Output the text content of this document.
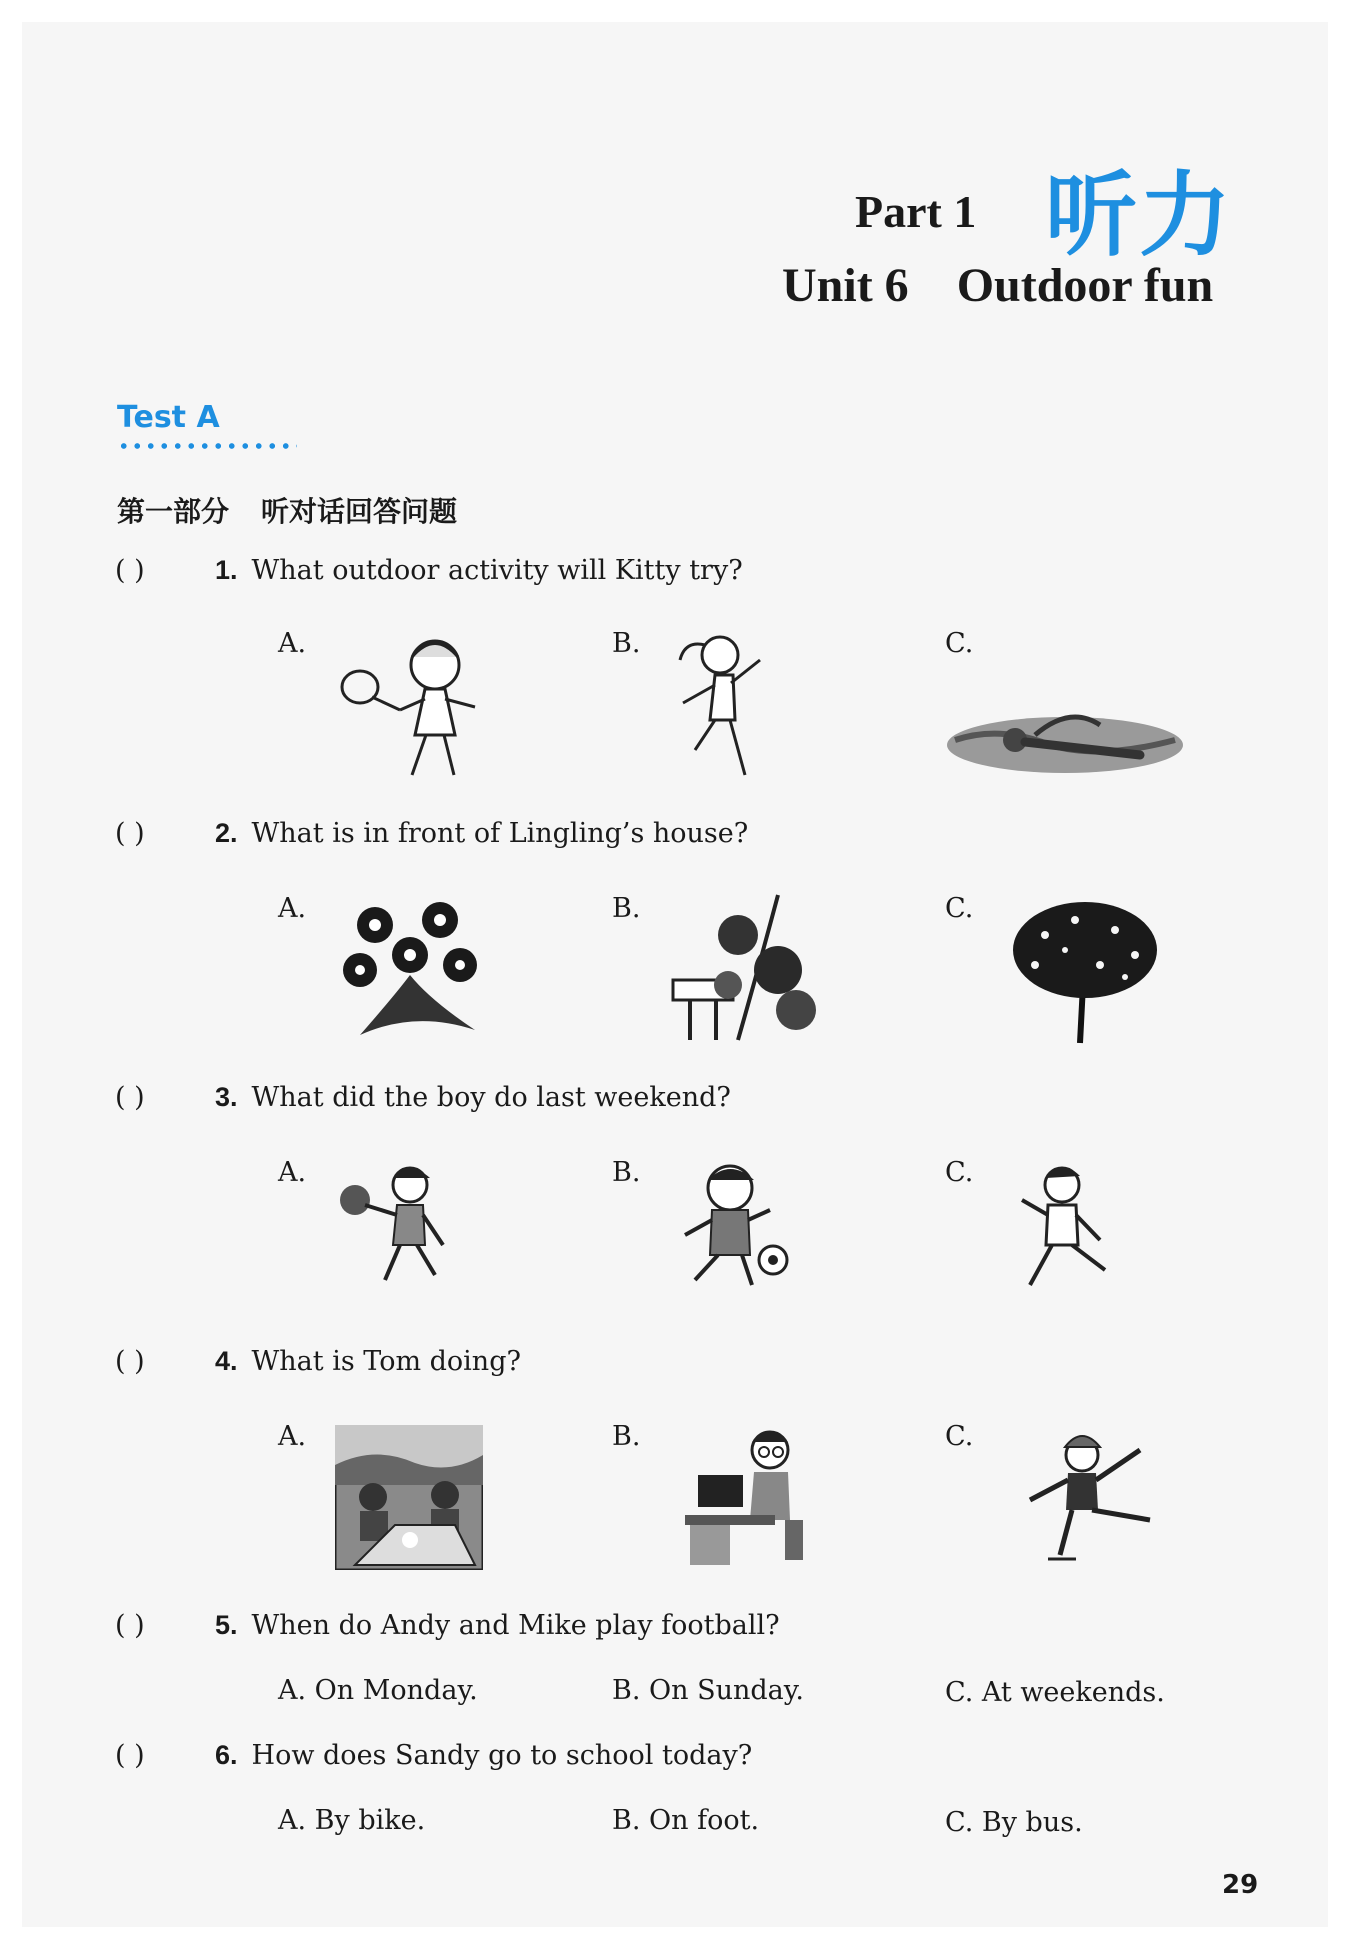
Part 1 听力
Unit 6 Outdoor fun
Test A
第一部分 听对话回答问题
( )	1. What outdoor activity will Kitty try?
A.	B.	C.
( )	2. What is in front of Lingling’s house?
A.	B.	C.
( )	3. What did the boy do last weekend?
A.	B.	C.
( )	4. What is Tom doing?
A.	B.	C.
( )	5. When do Andy and Mike play football?
A. On Monday.	B. On Sunday.	C. At weekends.
( )	6. How does Sandy go to school today?
A. By bike.	B. On foot.	C. By bus.
29
